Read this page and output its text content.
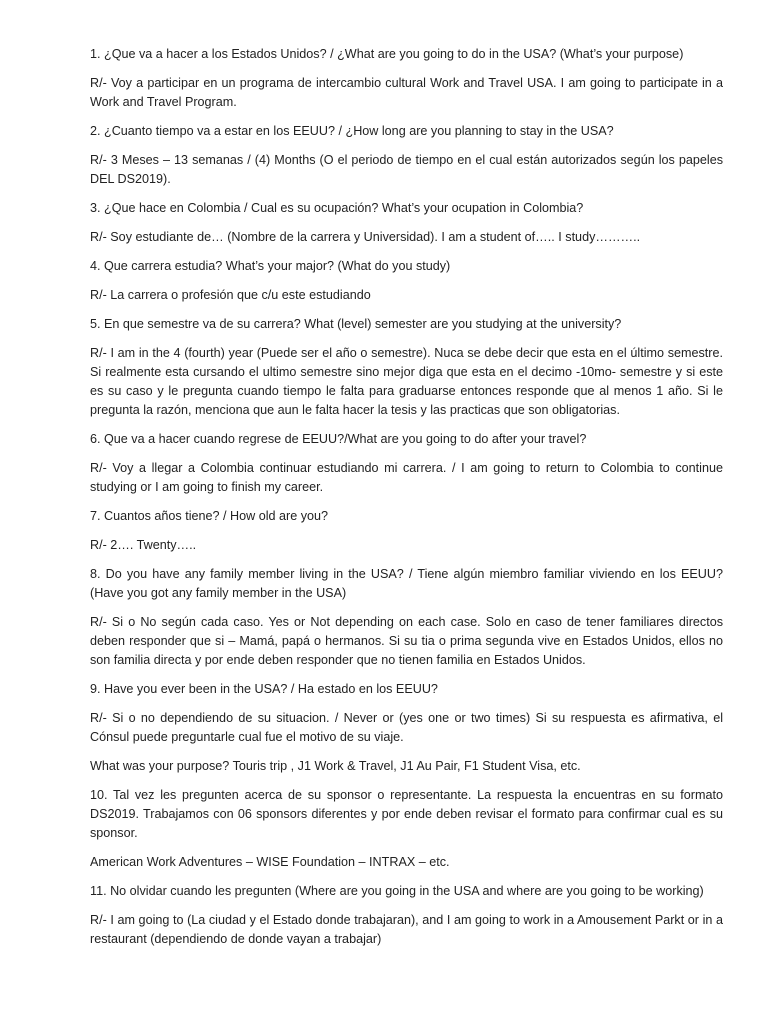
1. ¿Que va a hacer a los Estados Unidos? / ¿What are you going to do in the USA? (What’s your purpose)

R/- Voy a participar en un programa de intercambio cultural Work and Travel USA. I am going to participate in a Work and Travel Program.

2. ¿Cuanto tiempo va a estar en los EEUU? / ¿How long are you planning to stay in the USA?

R/- 3 Meses – 13 semanas / (4) Months (O el periodo de tiempo en el cual están autorizados según los papeles DEL DS2019).

3. ¿Que hace en Colombia / Cual es su ocupación? What’s your ocupation in Colombia?

R/- Soy estudiante de… (Nombre de la carrera y Universidad). I am a student of….. I study………..

4. Que carrera estudia? What’s your major? (What do you study)

R/- La carrera o profesión que c/u este estudiando

5. En que semestre va de su carrera? What (level) semester are you studying at the university?

R/- I am in the 4 (fourth) year (Puede ser el año o semestre). Nuca se debe decir que esta en el último semestre. Si realmente esta cursando el ultimo semestre sino mejor diga que esta en el decimo -10mo- semestre y si este es su caso y le pregunta cuando tiempo le falta para graduarse entonces responde que al menos 1 año. Si le pregunta la razón, menciona que aun le falta hacer la tesis y las practicas que son obligatorias.

6. Que va a hacer cuando regrese de EEUU?/What are you going to do after your travel?

R/- Voy a llegar a Colombia continuar estudiando mi carrera. / I am going to return to Colombia to continue studying or I am going to finish my career.

7. Cuantos años tiene? / How old are you?

R/- 2…. Twenty…..

8. Do you have any family member living in the USA? / Tiene algún miembro familiar viviendo en los EEUU? (Have you got any family member in the USA)

R/- Si o No según cada caso. Yes or Not depending on each case. Solo en caso de tener familiares directos deben responder que si – Mamá, papá o hermanos. Si su tia o prima segunda vive en Estados Unidos, ellos no son familia directa y por ende deben responder que no tienen familia en Estados Unidos.

9. Have you ever been in the USA? / Ha estado en los EEUU?

R/- Si o no dependiendo de su situacion. / Never or (yes one or two times) Si su respuesta es afirmativa, el Cónsul puede preguntarle cual fue el motivo de su viaje.

What was your purpose? Touris trip , J1 Work & Travel, J1 Au Pair, F1 Student Visa, etc.

10. Tal vez les pregunten acerca de su sponsor o representante. La respuesta la encuentras en su formato DS2019. Trabajamos con 06 sponsors diferentes y por ende deben revisar el formato para confirmar cual es su sponsor.

American Work Adventures – WISE Foundation – INTRAX – etc.

11. No olvidar cuando les pregunten (Where are you going in the USA and where are you going to be working)

R/- I am going to (La ciudad y el Estado donde trabajaran), and I am going to work in a Amousement Parkt or in a restaurant (dependiendo de donde vayan a trabajar)
